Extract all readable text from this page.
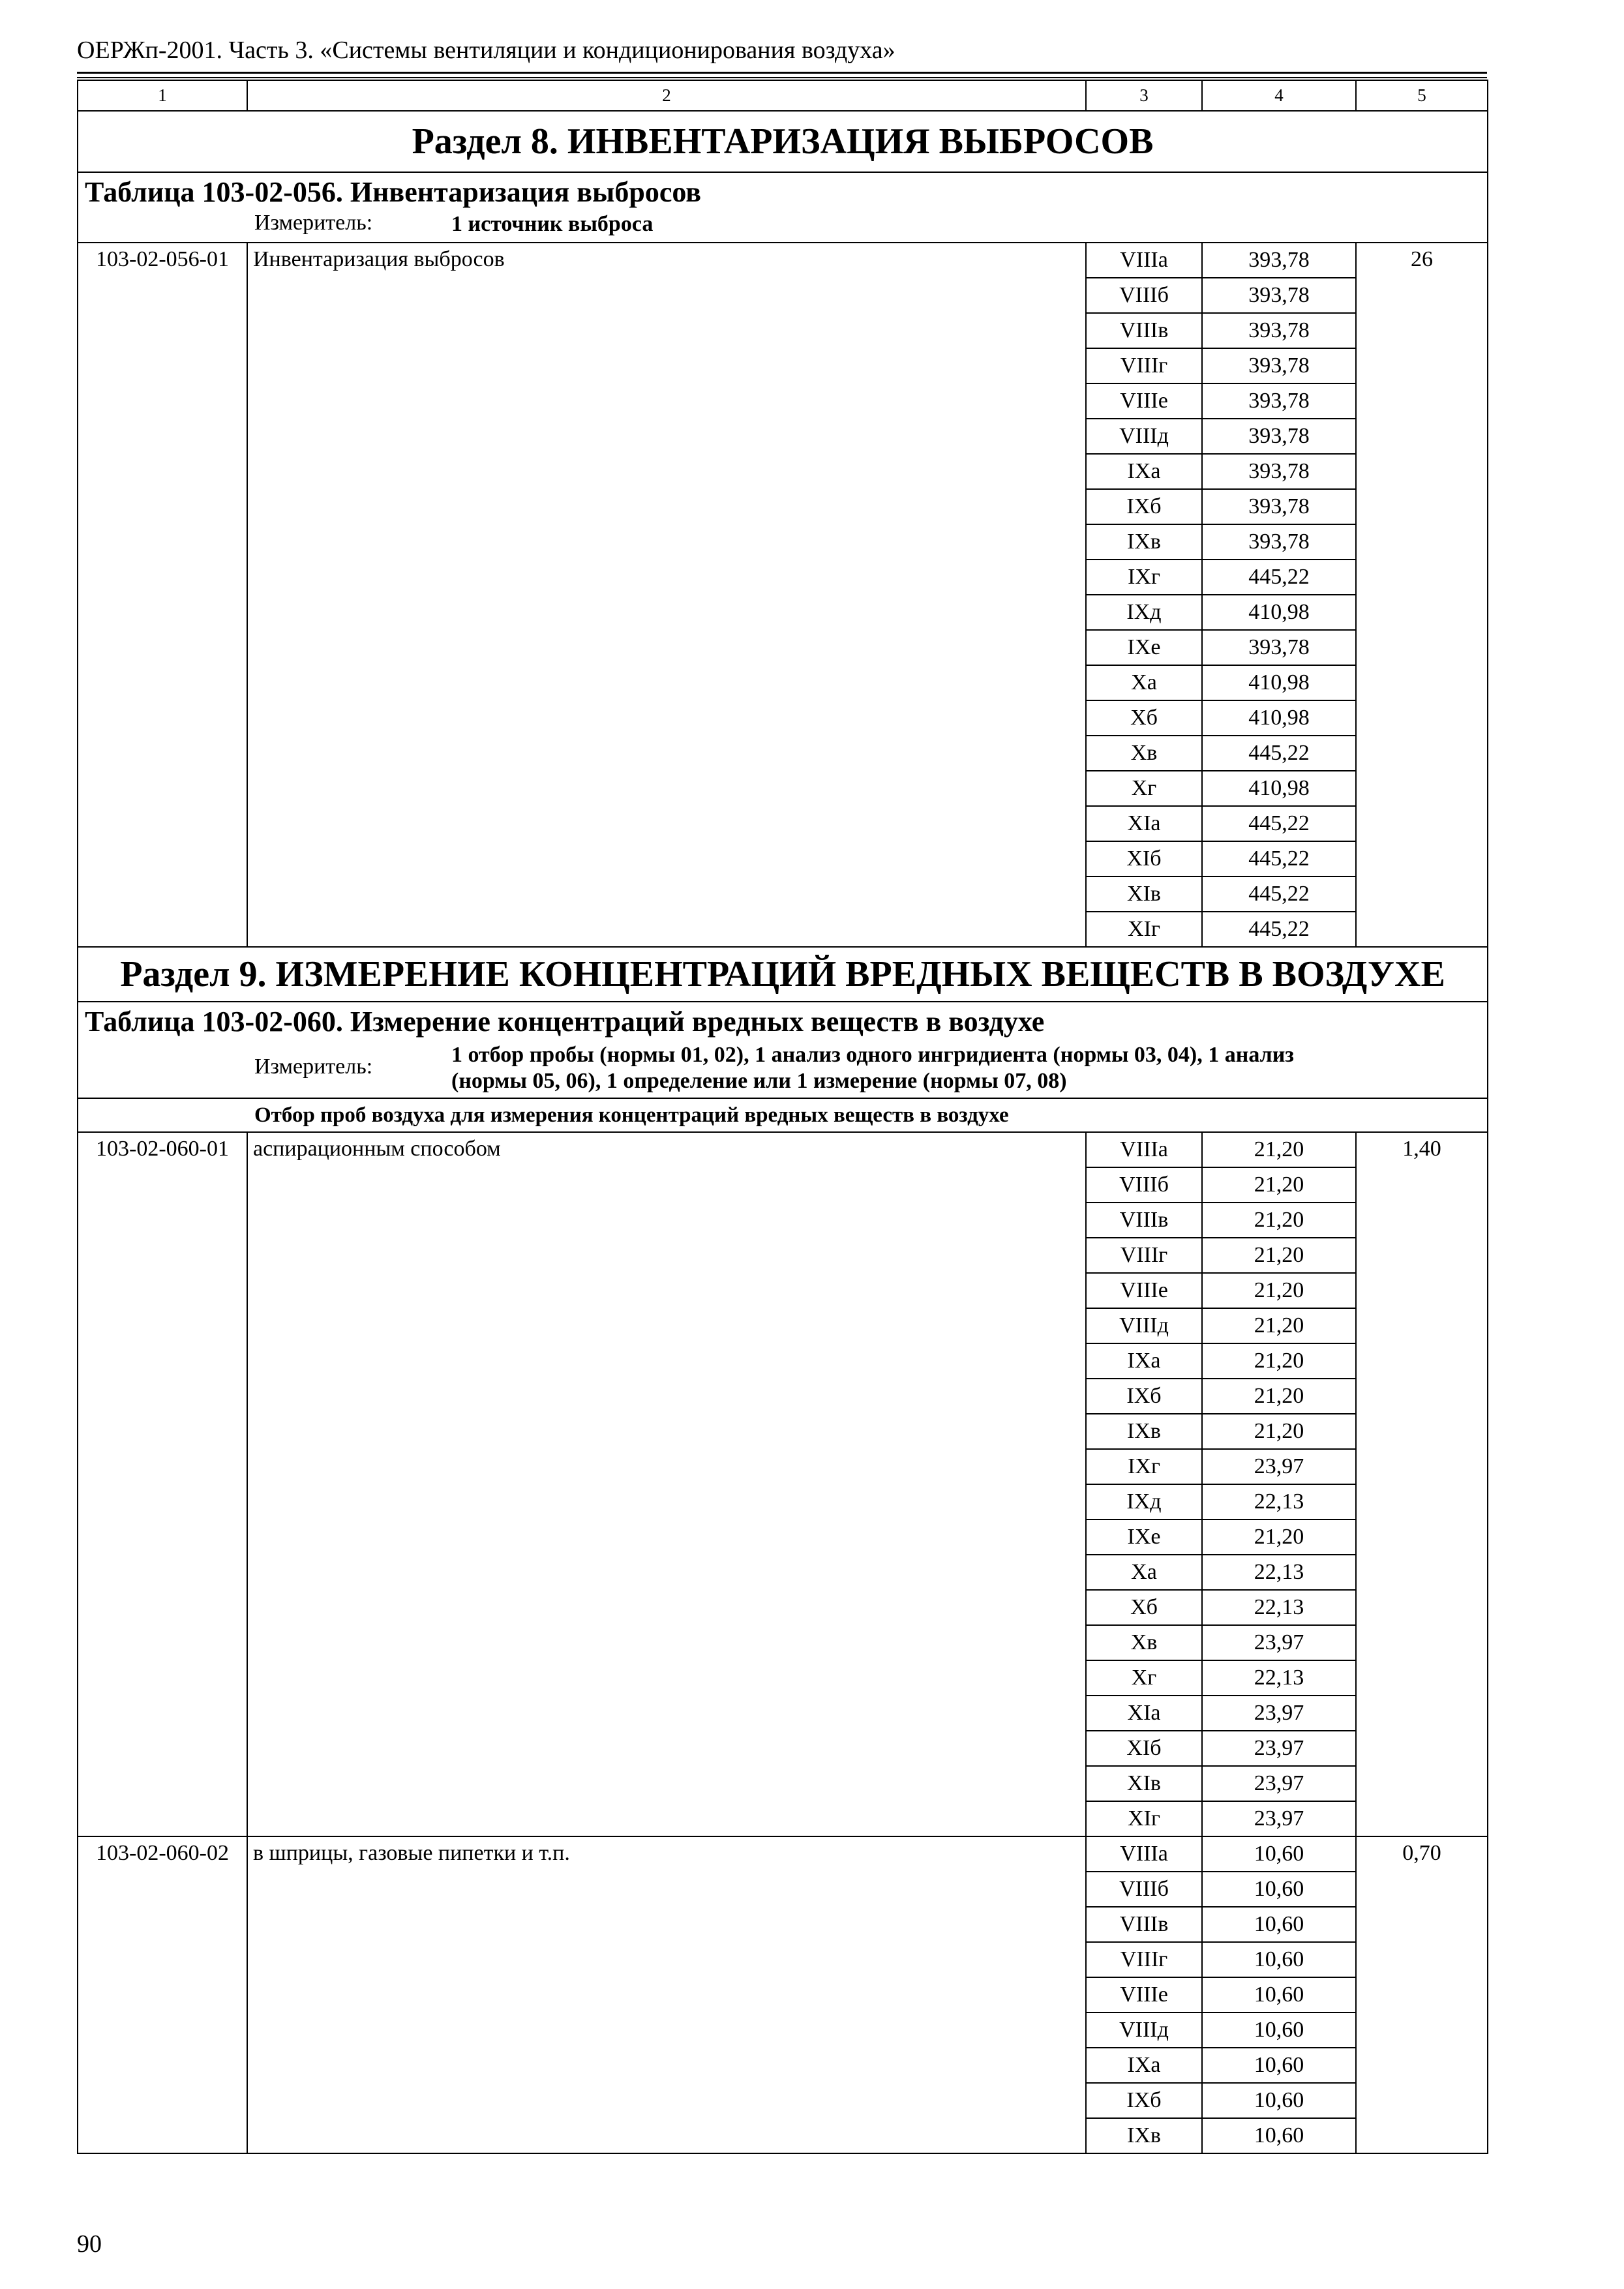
ОЕРЖп-2001. Часть 3. «Системы вентиляции и кондиционирования воздуха»
1	2	3	4	5
Раздел 8. ИНВЕНТАРИЗАЦИЯ ВЫБРОСОВ				
Таблица 103-02-056. Инвентаризация выбросов				

Измеритель: 1 источник выброса				

103-02-056-01	Инвентаризация выбросов	VIIIа	393,78	26
		VIIIб	393,78	
		VIIIв	393,78	
		VIIIг	393,78	
		VIIIе	393,78	
		VIIIд	393,78	
		IXа	393,78	
		IXб	393,78	
		IXв	393,78	
		IXг	445,22	
		IXд	410,98	
		IXе	393,78	
		Xа	410,98	
		Xб	410,98	
		Xв	445,22	
		Xг	410,98	
		XIа	445,22	
		XIб	445,22	
		XIв	445,22	
		XIг	445,22	
Раздел 9. ИЗМЕРЕНИЕ КОНЦЕНТРАЦИЙ ВРЕДНЫХ ВЕЩЕСТВ В ВОЗДУХЕ				
Таблица 103-02-060. Измерение концентраций вредных веществ в воздухе				

Измеритель: 1 отбор пробы (нормы 01, 02), 1 анализ одного ингридиента (нормы 03, 04), 1 анализ
(нормы 05, 06), 1 определение или 1 измерение (нормы 07, 08)				

Отбор проб воздуха для измерения концентраций вредных веществ в воздухе				
103-02-060-01	аспирационным способом	VIIIа	21,20	1,40
		VIIIб	21,20	
		VIIIв	21,20	
		VIIIг	21,20	
		VIIIе	21,20	
		VIIIд	21,20	
		IXа	21,20	
		IXб	21,20	
		IXв	21,20	
		IXг	23,97	
		IXд	22,13	
		IXе	21,20	
		Xа	22,13	
		Xб	22,13	
		Xв	23,97	
		Xг	22,13	
		XIа	23,97	
		XIб	23,97	
		XIв	23,97	
		XIг	23,97	
103-02-060-02	в шприцы, газовые пипетки и т.п.	VIIIа	10,60	0,70
		VIIIб	10,60	
		VIIIв	10,60	
		VIIIг	10,60	
		VIIIе	10,60	
		VIIIд	10,60	
		IXа	10,60	
		IXб	10,60	
		IXв	10,60	
90
